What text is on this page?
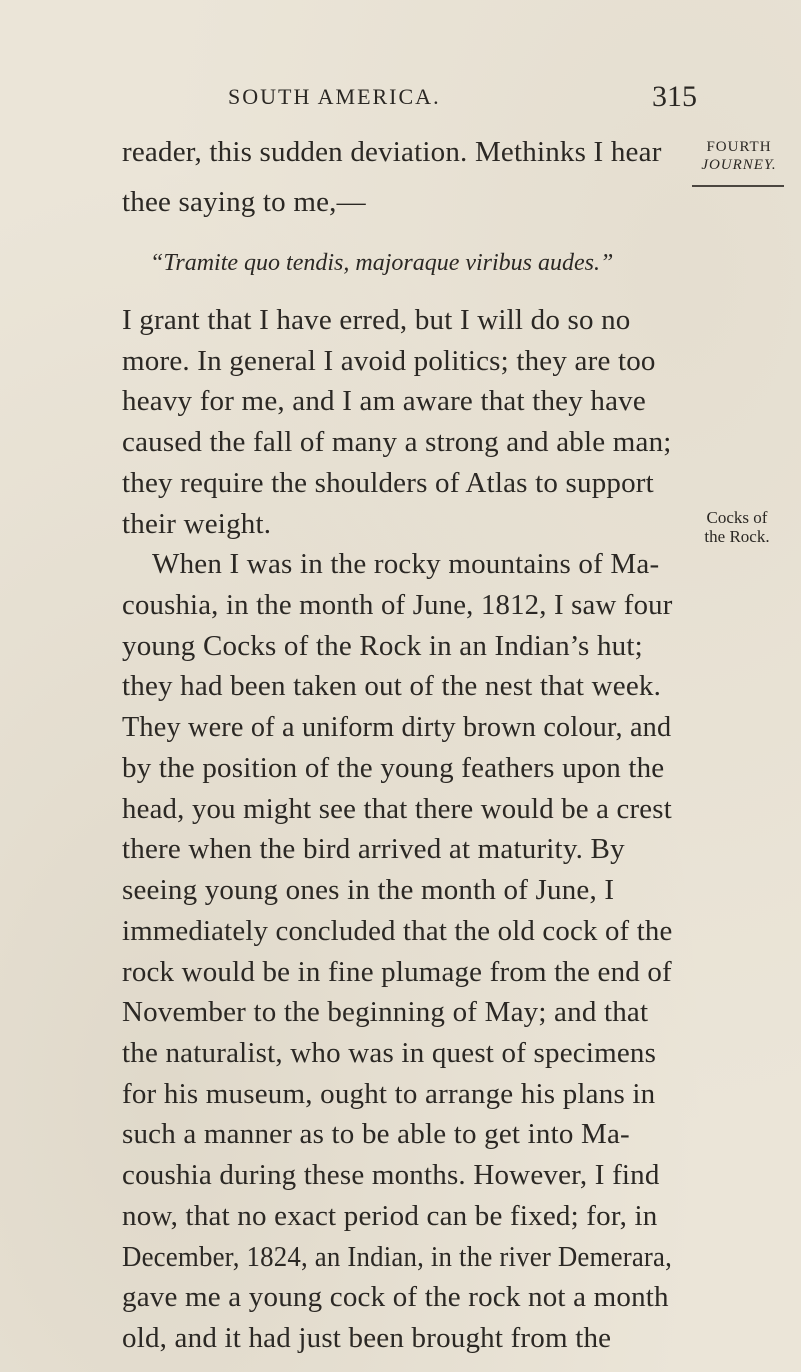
SOUTH AMERICA.	315
FOURTH
JOURNEY.
Cocks of
the Rock.
reader, this sudden deviation. Methinks I hear
thee saying to me,—
“Tramite quo tendis, majoraque viribus audes.”
I grant that I have erred, but I will do so no
more. In general I avoid politics; they are too
heavy for me, and I am aware that they have
caused the fall of many a strong and able man;
they require the shoulders of Atlas to support
their weight.
When I was in the rocky mountains of Ma-
coushia, in the month of June, 1812, I saw four
young Cocks of the Rock in an Indian’s hut;
they had been taken out of the nest that week.
They were of a uniform dirty brown colour, and
by the position of the young feathers upon the
head, you might see that there would be a crest
there when the bird arrived at maturity. By
seeing young ones in the month of June, I
immediately concluded that the old cock of the
rock would be in fine plumage from the end of
November to the beginning of May; and that
the naturalist, who was in quest of specimens
for his museum, ought to arrange his plans in
such a manner as to be able to get into Ma-
coushia during these months. However, I find
now, that no exact period can be fixed; for, in
December, 1824, an Indian, in the river Demerara,
gave me a young cock of the rock not a month
old, and it had just been brought from the
